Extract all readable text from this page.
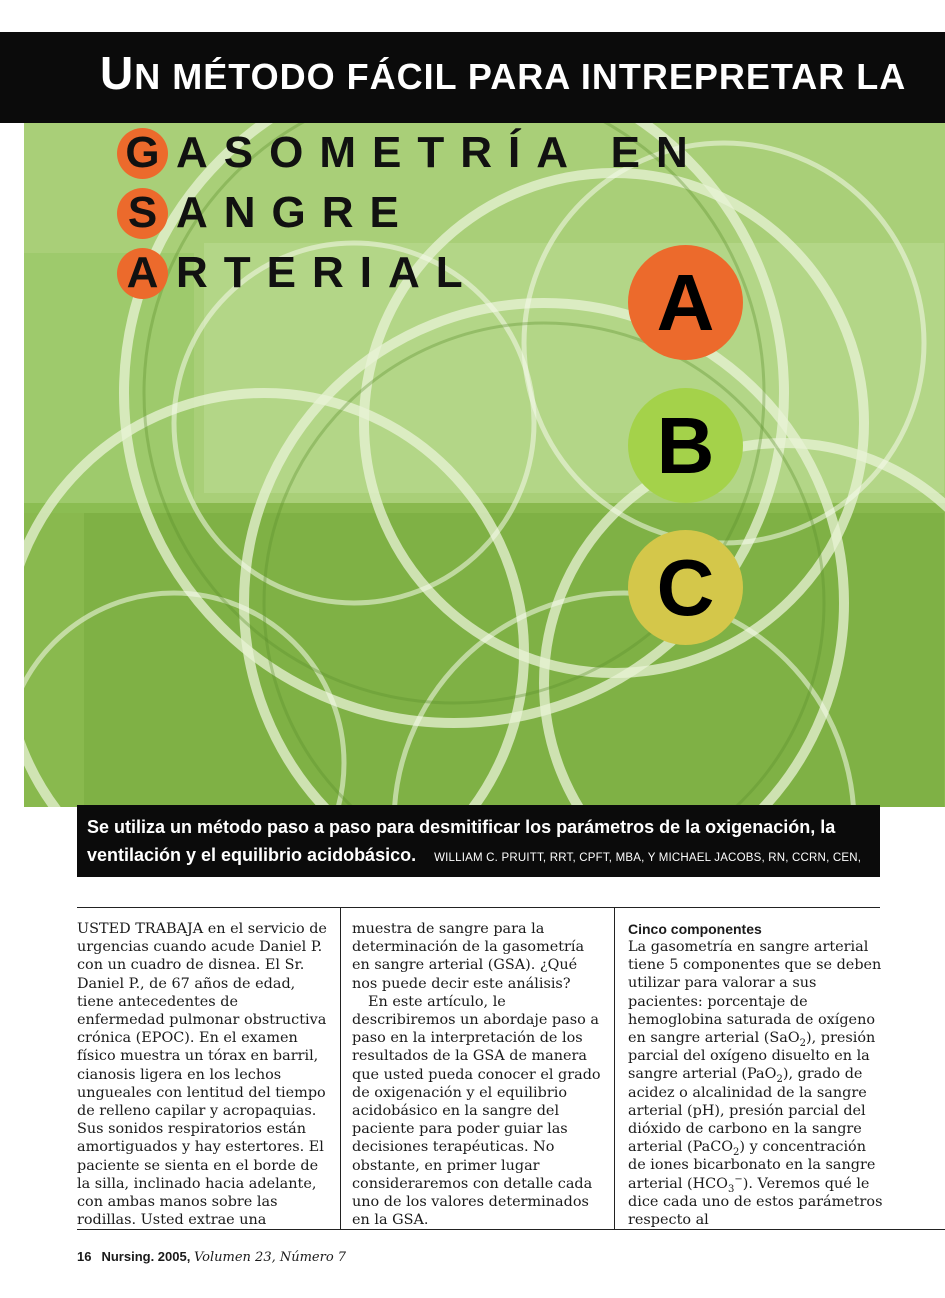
UN MÉTODO FÁCIL PARA INTREPRETAR LA
G ASOMETRÍA EN
S ANGRE
A RTERIAL	A
B
C
Se utiliza un método paso a paso para desmitificar los parámetros de la oxigenación, la ventilación y el equilibrio acidobásico. WILLIAM C. PRUITT, RRT, CPFT, MBA, Y MICHAEL JACOBS, RN, CCRN, CEN, MSN

USTED TRABAJA en el servicio de urgencias cuando acude Daniel P. con un cuadro de disnea. El Sr. Daniel P., de 67 años de edad, tiene antecedentes de enfermedad pulmonar obstructiva crónica (EPOC). En el examen físico muestra un tórax en barril, cianosis ligera en los lechos ungueales con lentitud del tiempo de relleno capilar y acropaquias. Sus sonidos respiratorios están amortiguados y hay estertores. El paciente se sienta en el borde de la silla, inclinado hacia adelante, con ambas manos sobre las rodillas. Usted extrae una

muestra de sangre para la determinación de la gasometría en sangre arterial (GSA). ¿Qué nos puede decir este análisis?

En este artículo, le describiremos un abordaje paso a paso en la interpretación de los resultados de la GSA de manera que usted pueda conocer el grado de oxigenación y el equilibrio acidobásico en la sangre del paciente para poder guiar las decisiones terapéuticas. No obstante, en primer lugar consideraremos con detalle cada uno de los valores determinados en la GSA.

Cinco componentes

La gasometría en sangre arterial tiene 5 componentes que se deben utilizar para valorar a sus pacientes: porcentaje de hemoglobina saturada de oxígeno en sangre arterial (SaO$_2$), presión parcial del oxígeno disuelto en la sangre arterial (PaO$_2$), grado de acidez o alcalinidad de la sangre arterial (pH), presión parcial del dióxido de carbono en la sangre arterial (PaCO$_2$) y concentración de iones bicarbonato en la sangre arterial $(HCO_3^-)$. Veremos qué le dice cada uno de estos parámetros respecto al

16 Nursing. 2005, Volumen 23, Número 7
